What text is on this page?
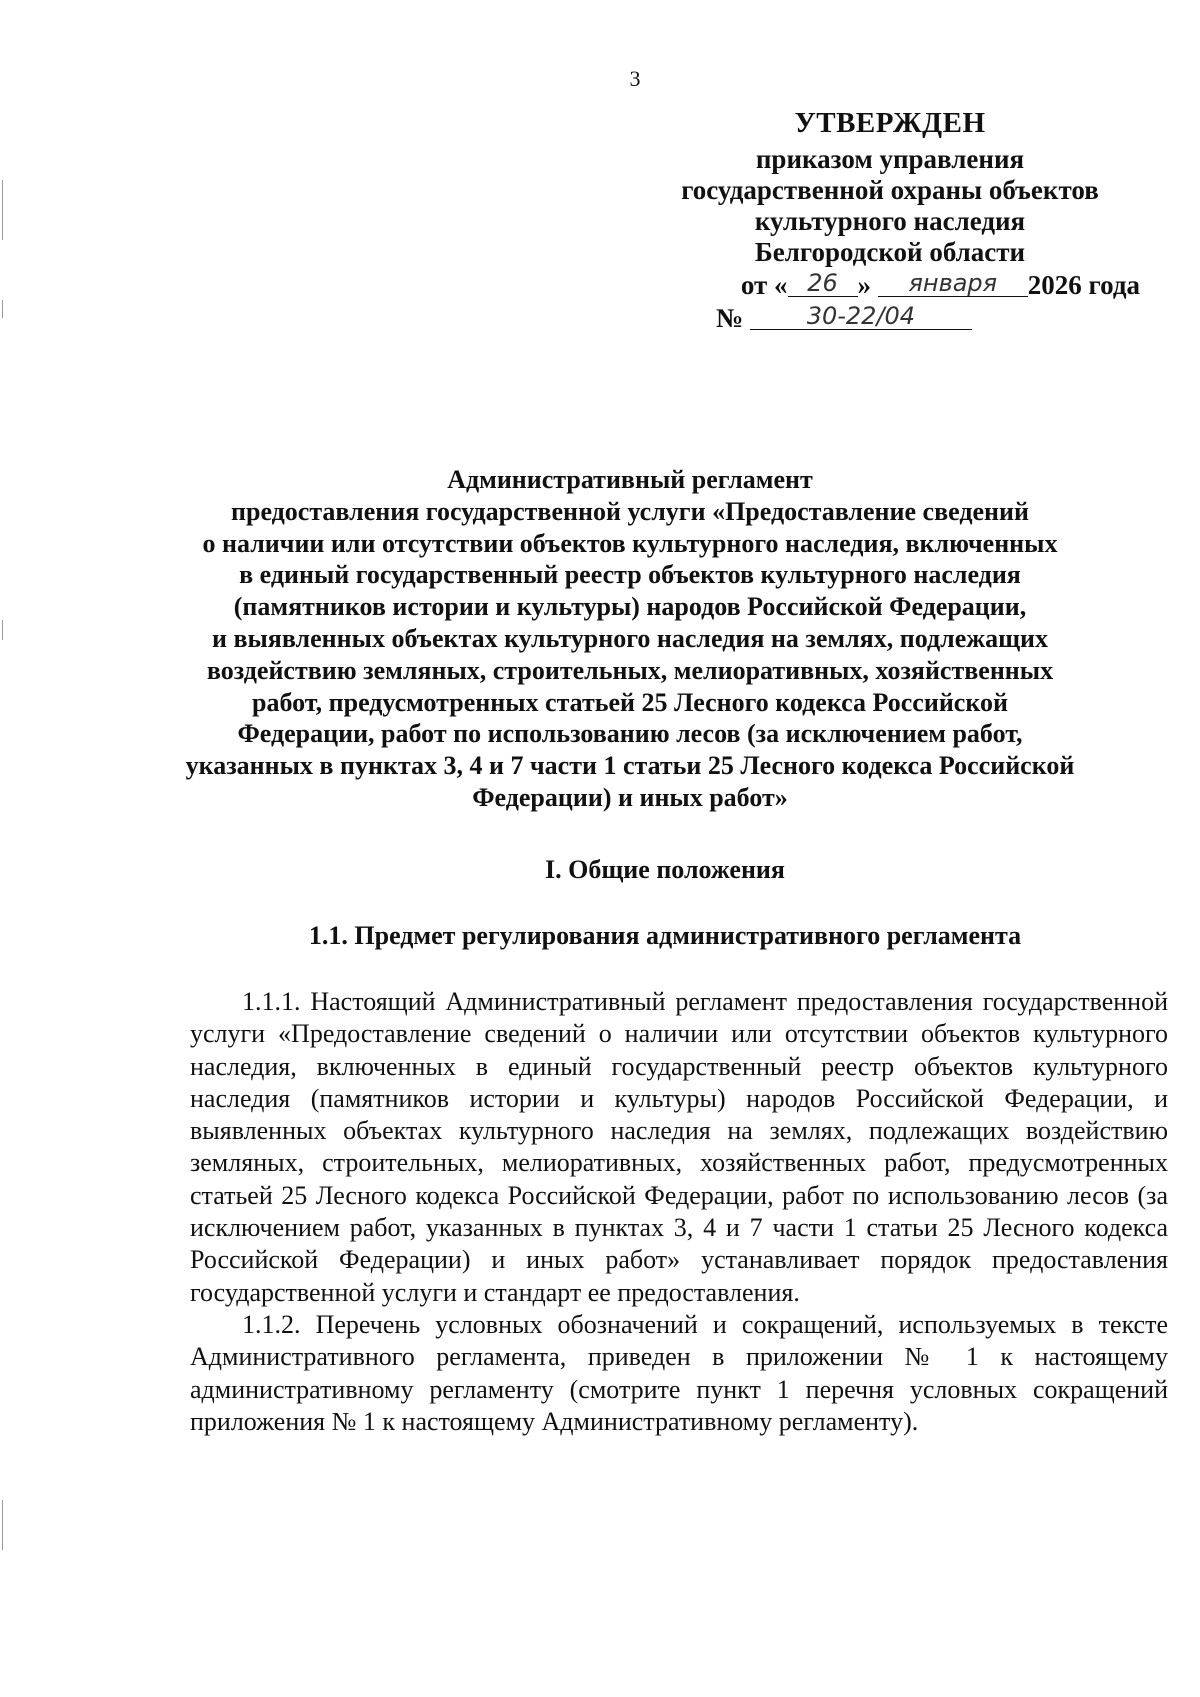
3
УТВЕРЖДЕН
приказом управления
государственной охраны объектов
культурного наследия
Белгородской области
от « 26 » января 2026 года
№	30-22/04
Административный регламент
предоставления государственной услуги «Предоставление сведений
о наличии или отсутствии объектов культурного наследия, включенных
в единый государственный реестр объектов культурного наследия
(памятников истории и культуры) народов Российской Федерации,
и выявленных объектах культурного наследия на землях, подлежащих
воздействию земляных, строительных, мелиоративных, хозяйственных
работ, предусмотренных статьей 25 Лесного кодекса Российской
Федерации, работ по использованию лесов (за исключением работ,
указанных в пунктах 3, 4 и 7 части 1 статьи 25 Лесного кодекса Российской
Федерации) и иных работ»
I. Общие положения
1.1. Предмет регулирования административного регламента

1.1.1. Настоящий Административный регламент предоставления государственной услуги «Предоставление сведений о наличии или отсутствии объектов культурного наследия, включенных в единый государственный реестр объектов культурного наследия (памятников истории и культуры) народов Российской Федерации, и выявленных объектах культурного наследия на землях, подлежащих воздействию земляных, строительных, мелиоративных, хозяйственных работ, предусмотренных статьей 25 Лесного кодекса Российской Федерации, работ по использованию лесов (за исключением работ, указанных в пунктах 3, 4 и 7 части 1 статьи 25 Лесного кодекса Российской Федерации) и иных работ» устанавливает порядок предоставления государственной услуги и стандарт ее предоставления.

1.1.2. Перечень условных обозначений и сокращений, используемых в тексте Административного регламента, приведен в приложении № 1 к настоящему административному регламенту (смотрите пункт 1 перечня условных сокращений приложения № 1 к настоящему Административному регламенту).
